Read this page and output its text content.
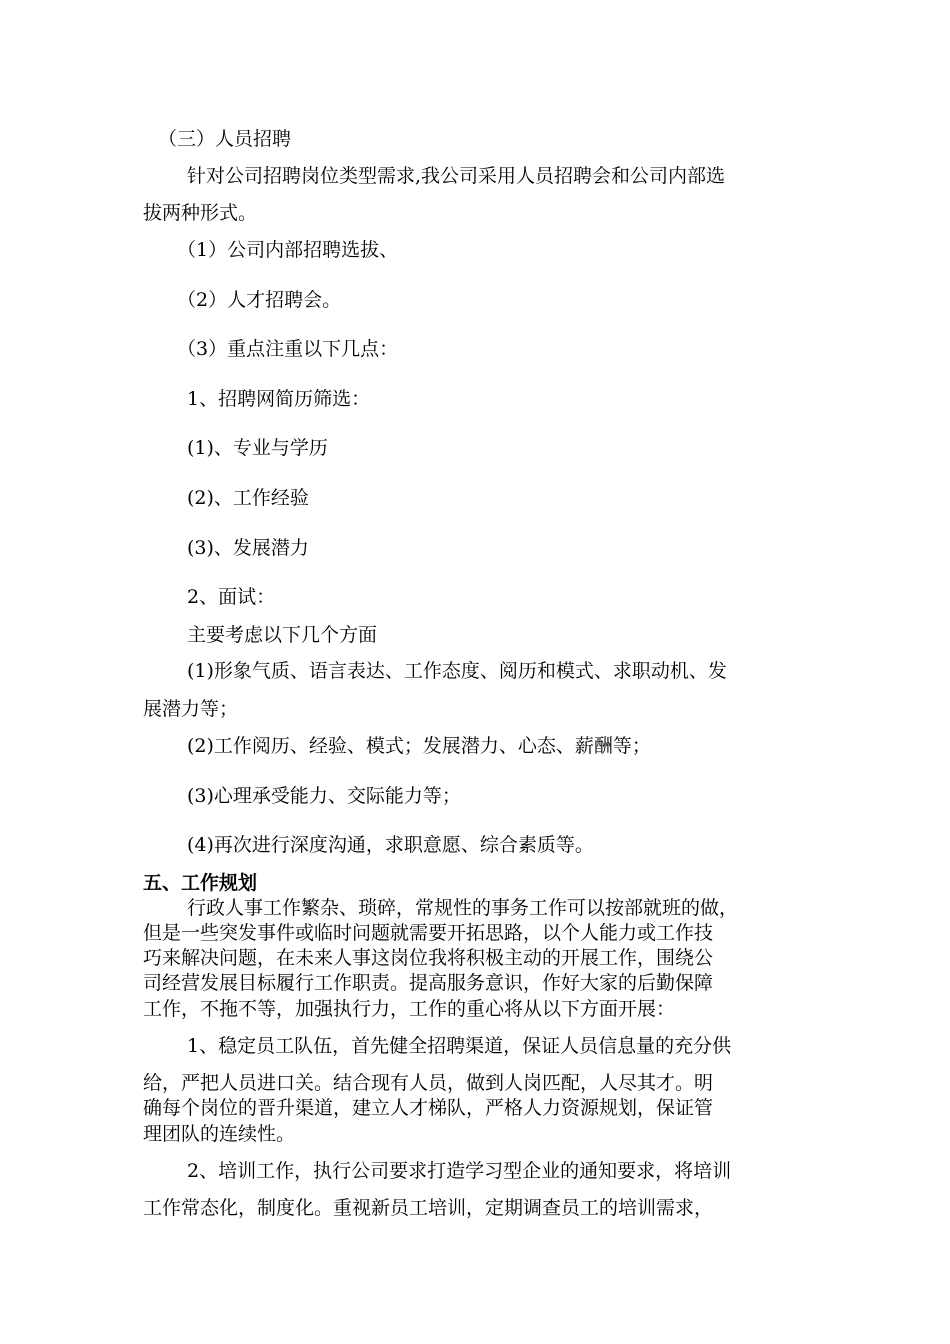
（三）人员招聘
针对公司招聘岗位类型需求,我公司采用人员招聘会和公司内部选
拔两种形式。
（1）公司内部招聘选拔、
（2）人才招聘会。
（3）重点注重以下几点：
1、招聘网简历筛选：
(1)、专业与学历
(2)、工作经验
(3)、发展潜力
2、面试：
主要考虑以下几个方面
(1)形象气质、语言表达、工作态度、阅历和模式、求职动机、发
展潜力等；
(2)工作阅历、经验、模式；发展潜力、心态、薪酬等；
(3)心理承受能力、交际能力等；
(4)再次进行深度沟通，求职意愿、综合素质等。
五、工作规划
行政人事工作繁杂、琐碎，常规性的事务工作可以按部就班的做，
但是一些突发事件或临时问题就需要开拓思路，以个人能力或工作技
巧来解决问题，在未来人事这岗位我将积极主动的开展工作，围绕公
司经营发展目标履行工作职责。提高服务意识，作好大家的后勤保障
工作，不拖不等，加强执行力，工作的重心将从以下方面开展：
1、稳定员工队伍，首先健全招聘渠道，保证人员信息量的充分供
给，严把人员进口关。结合现有人员，做到人岗匹配，人尽其才。明
确每个岗位的晋升渠道，建立人才梯队，严格人力资源规划，保证管
理团队的连续性。
2、培训工作，执行公司要求打造学习型企业的通知要求，将培训
工作常态化，制度化。重视新员工培训，定期调查员工的培训需求，
